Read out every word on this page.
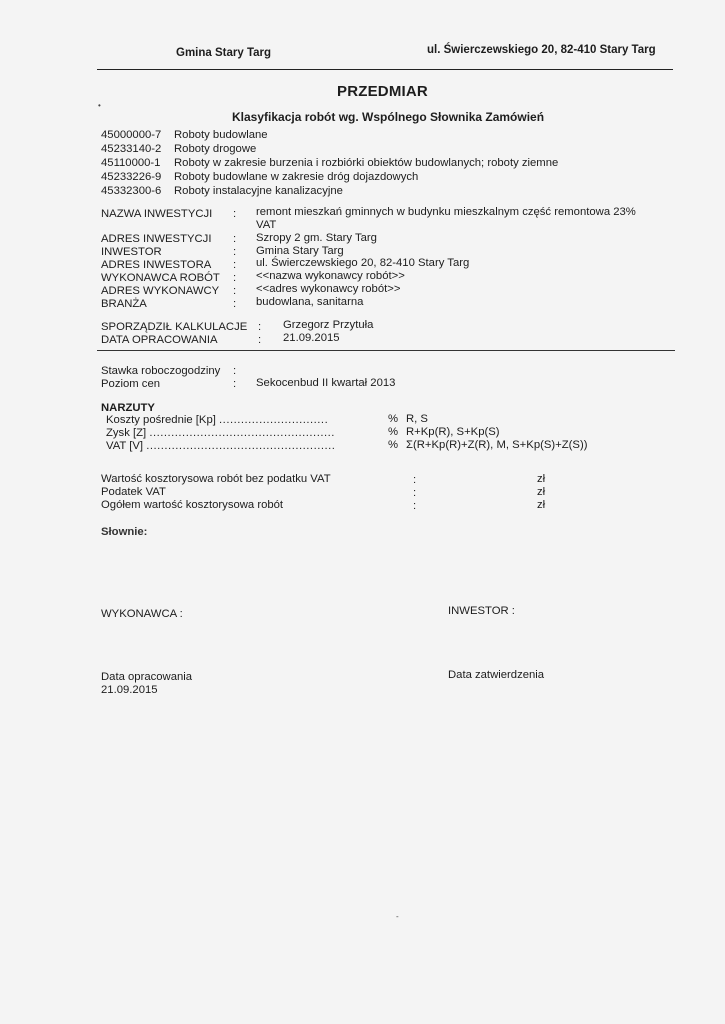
Gmina Stary Targ	ul. Świerczewskiego 20, 82-410 Stary Targ
PRZEDMIAR
•
Klasyfikacja robót wg. Wspólnego Słownika Zamówień
45000000-7 Roboty budowlane
45233140-2 Roboty drogowe
45110000-1 Roboty w zakresie burzenia i rozbiórki obiektów budowlanych; roboty ziemne
45233226-9 Roboty budowlane w zakresie dróg dojazdowych
45332300-6 Roboty instalacyjne kanalizacyjne
NAZWA INWESTYCJI : remont mieszkań gminnych w budynku mieszkalnym część remontowa 23%
VAT
ADRES INWESTYCJI : Szropy 2 gm. Stary Targ
INWESTOR	: Gmina Stary Targ
ADRES INWESTORA : ul. Świerczewskiego 20, 82-410 Stary Targ
WYKONAWCA ROBÓT : <<nazwa wykonawcy robót>>
ADRES WYKONAWCY : <<adres wykonawcy robót>>
BRANŻA	: budowlana, sanitarna
SPORZĄDZIŁ KALKULACJE : Grzegorz Przytuła
DATA OPRACOWANIA	: 21.09.2015
Stawka roboczogodziny :
Poziom cen	: Sekocenbud II kwartał 2013
NARZUTY
Koszty pośrednie [Kp] ..............................	% R, S
Zysk [Z] ...................................................	% R+Kp(R), S+Kp(S)
VAT [V] ....................................................	% Σ(R+Kp(R)+Z(R), M, S+Kp(S)+Z(S))
Wartość kosztorysowa robót bez podatku VAT	:	zł
Podatek VAT	:	zł
Ogółem wartość kosztorysowa robót	:	zł
Słownie:
WYKONAWCA :	INWESTOR :
Data opracowania
21.09.2015
Data zatwierdzenia
-
